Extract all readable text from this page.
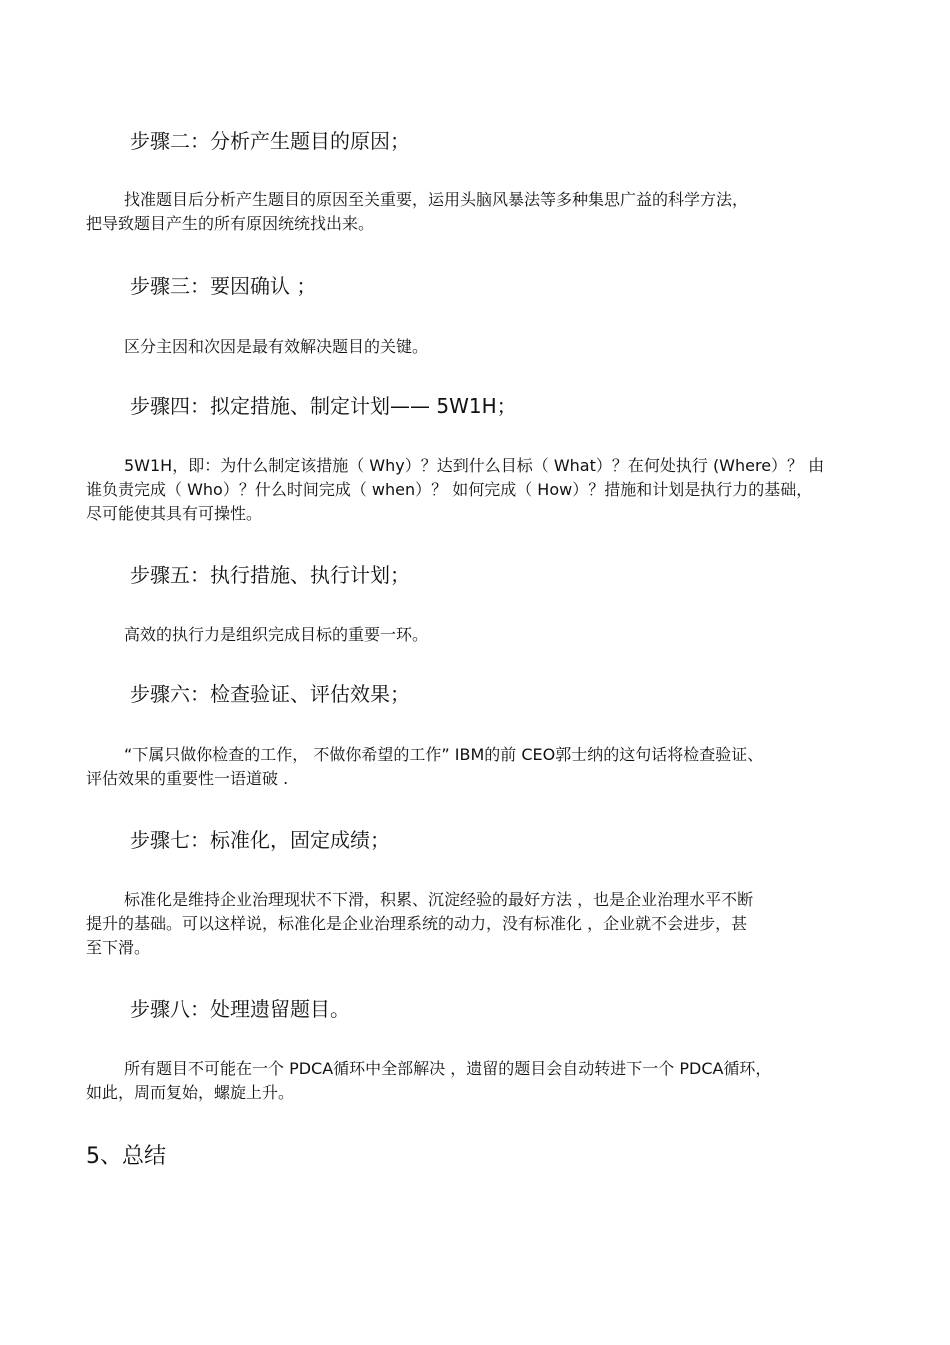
步骤二：分析产生题目的原因；

找准题目后分析产生题目的原因至关重要，运用头脑风暴法等多种集思广益的科学方法，
把导致题目产生的所有原因统统找出来。

步骤三：要因确认 ；

区分主因和次因是最有效解决题目的关键。

步骤四：拟定措施、制定计划—— 5W1H；

5W1H，即：为什么制定该措施（ Why）？达到什么目标（ What）？在何处执行 (Where）？ 由
谁负责完成（ Who）？什么时间完成（ when）？ 如何完成（ How）？措施和计划是执行力的基础，
尽可能使其具有可操性。

步骤五：执行措施、执行计划；

高效的执行力是组织完成目标的重要一环。

步骤六：检查验证、评估效果；

“下属只做你检查的工作， 不做你希望的工作” IBM的前 CEO郭士纳的这句话将检查验证、
评估效果的重要性一语道破 .

步骤七：标准化，固定成绩；

标准化是维持企业治理现状不下滑，积累、沉淀经验的最好方法 ，也是企业治理水平不断
提升的基础。可以这样说，标准化是企业治理系统的动力，没有标准化 ，企业就不会进步，甚
至下滑。

步骤八：处理遗留题目。

所有题目不可能在一个 PDCA循环中全部解决 ，遗留的题目会自动转进下一个 PDCA循环，
如此，周而复始，螺旋上升。

5、总结
